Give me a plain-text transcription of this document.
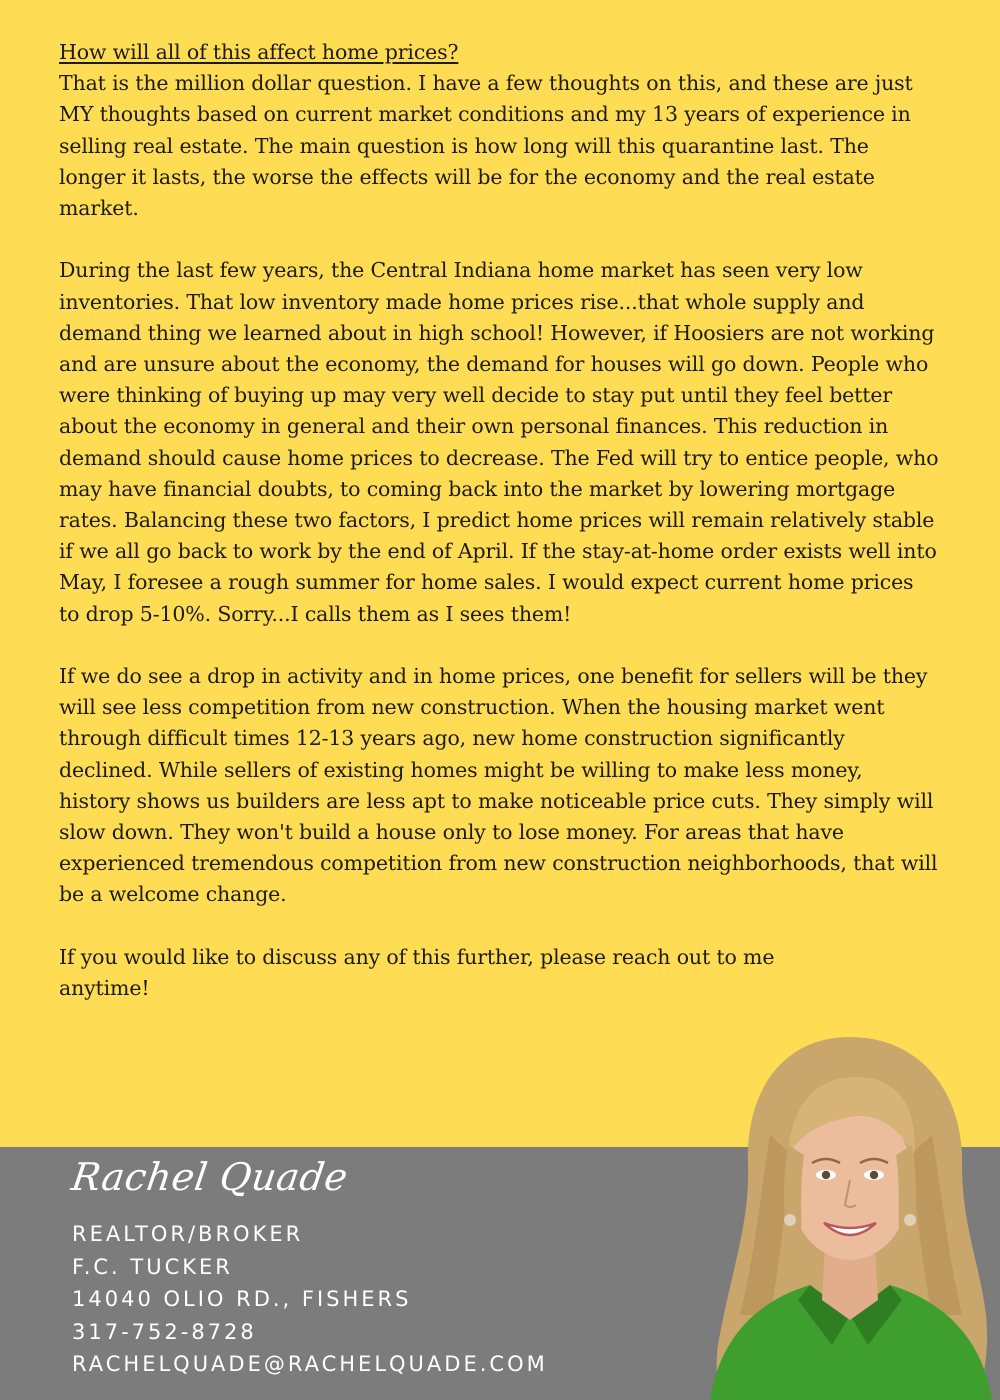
How will all of this affect home prices?

That is the million dollar question. I have a few thoughts on this, and these are just MY thoughts based on current market conditions and my 13 years of experience in selling real estate. The main question is how long will this quarantine last. The longer it lasts, the worse the effects will be for the economy and the real estate market.

During the last few years, the Central Indiana home market has seen very low inventories. That low inventory made home prices rise...that whole supply and demand thing we learned about in high school! However, if Hoosiers are not working and are unsure about the economy, the demand for houses will go down. People who were thinking of buying up may very well decide to stay put until they feel better about the economy in general and their own personal finances. This reduction in demand should cause home prices to decrease. The Fed will try to entice people, who may have financial doubts, to coming back into the market by lowering mortgage rates. Balancing these two factors, I predict home prices will remain relatively stable if we all go back to work by the end of April. If the stay-at-home order exists well into May, I foresee a rough summer for home sales. I would expect current home prices to drop 5-10%. Sorry...I calls them as I sees them!

If we do see a drop in activity and in home prices, one benefit for sellers will be they will see less competition from new construction. When the housing market went through difficult times 12-13 years ago, new home construction significantly declined. While sellers of existing homes might be willing to make less money, history shows us builders are less apt to make noticeable price cuts. They simply will slow down. They won't build a house only to lose money. For areas that have experienced tremendous competition from new construction neighborhoods, that will be a welcome change.

If you would like to discuss any of this further, please reach out to me anytime!

Rachel Quade
REALTOR/BROKER
F.C. TUCKER
14040 OLIO RD., FISHERS
317-752-8728
RACHELQUADE@RACHELQUADE.COM
